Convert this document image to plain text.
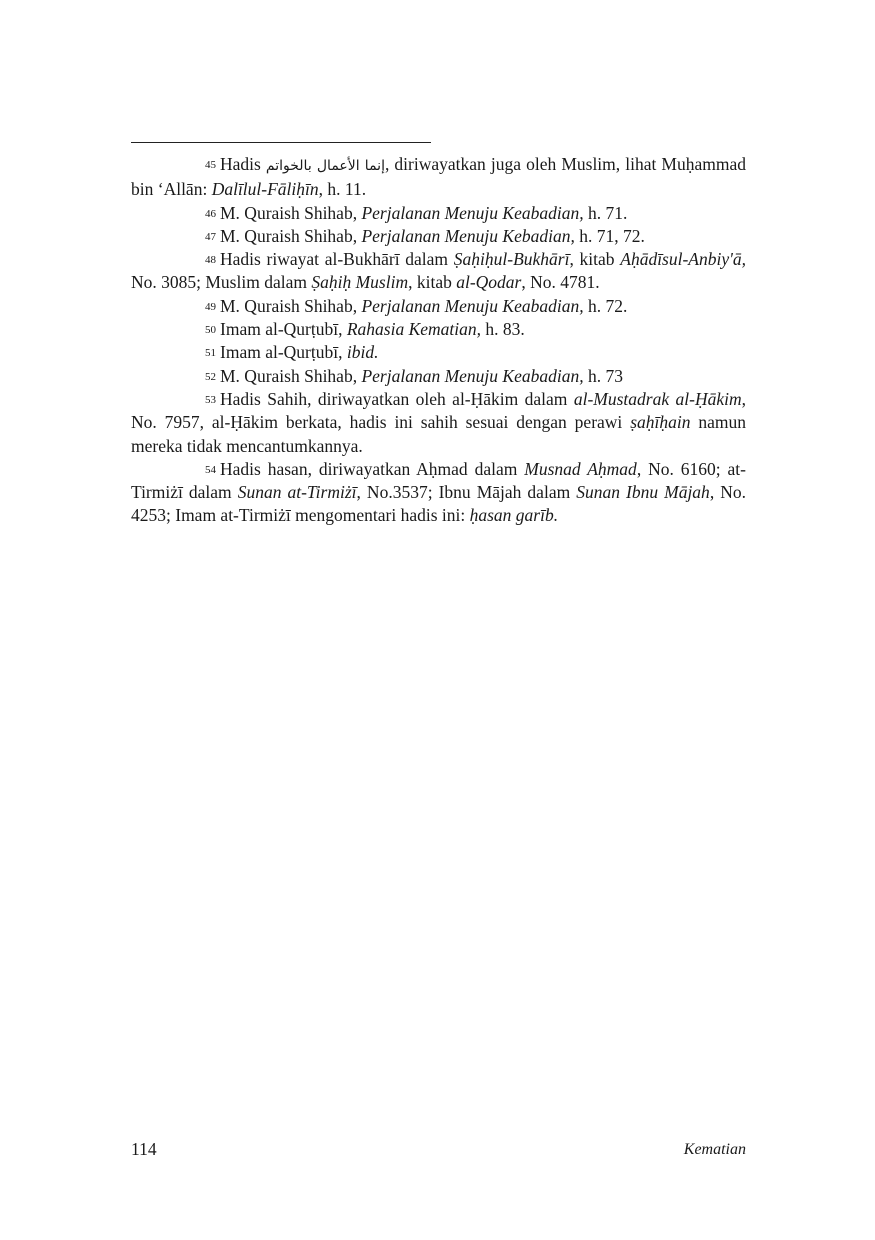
$^{45}$ Hadis إنما الأعمال بالخواتم, diriwayatkan juga oleh Muslim, lihat Muḥammad bin ‘Allān: Dalīlul-Fāliḥīn, h. 11.

$^{46}$ M. Quraish Shihab, Perjalanan Menuju Keabadian, h. 71.

$^{47}$ M. Quraish Shihab, Perjalanan Menuju Kebadian, h. 71, 72.

$^{48}$ Hadis riwayat al-Bukhārī dalam Ṣaḥiḥul-Bukhārī, kitab Aḥādīsul-Anbiy'ā, No. 3085; Muslim dalam Ṣaḥiḥ Muslim, kitab al-Qodar, No. 4781.

$^{49}$ M. Quraish Shihab, Perjalanan Menuju Keabadian, h. 72.

$^{50}$ Imam al-Qurṭubī, Rahasia Kematian, h. 83.

$^{51}$ Imam al-Qurṭubī, ibid.

$^{52}$ M. Quraish Shihab, Perjalanan Menuju Keabadian, h. 73

$^{53}$ Hadis Sahih, diriwayatkan oleh al-Ḥākim dalam al-Mustadrak al-Ḥākim, No. 7957, al-Ḥākim berkata, hadis ini sahih sesuai dengan perawi ṣaḥīḥain namun mereka tidak mencantumkannya.

$^{54}$ Hadis hasan, diriwayatkan Aḥmad dalam Musnad Aḥmad, No. 6160; at-Tirmiżī dalam Sunan at-Tirmiżī, No.3537; Ibnu Mājah dalam Sunan Ibnu Mājah, No. 4253; Imam at-Tirmiżī mengomentari hadis ini: ḥasan garīb.

114	Kematian
